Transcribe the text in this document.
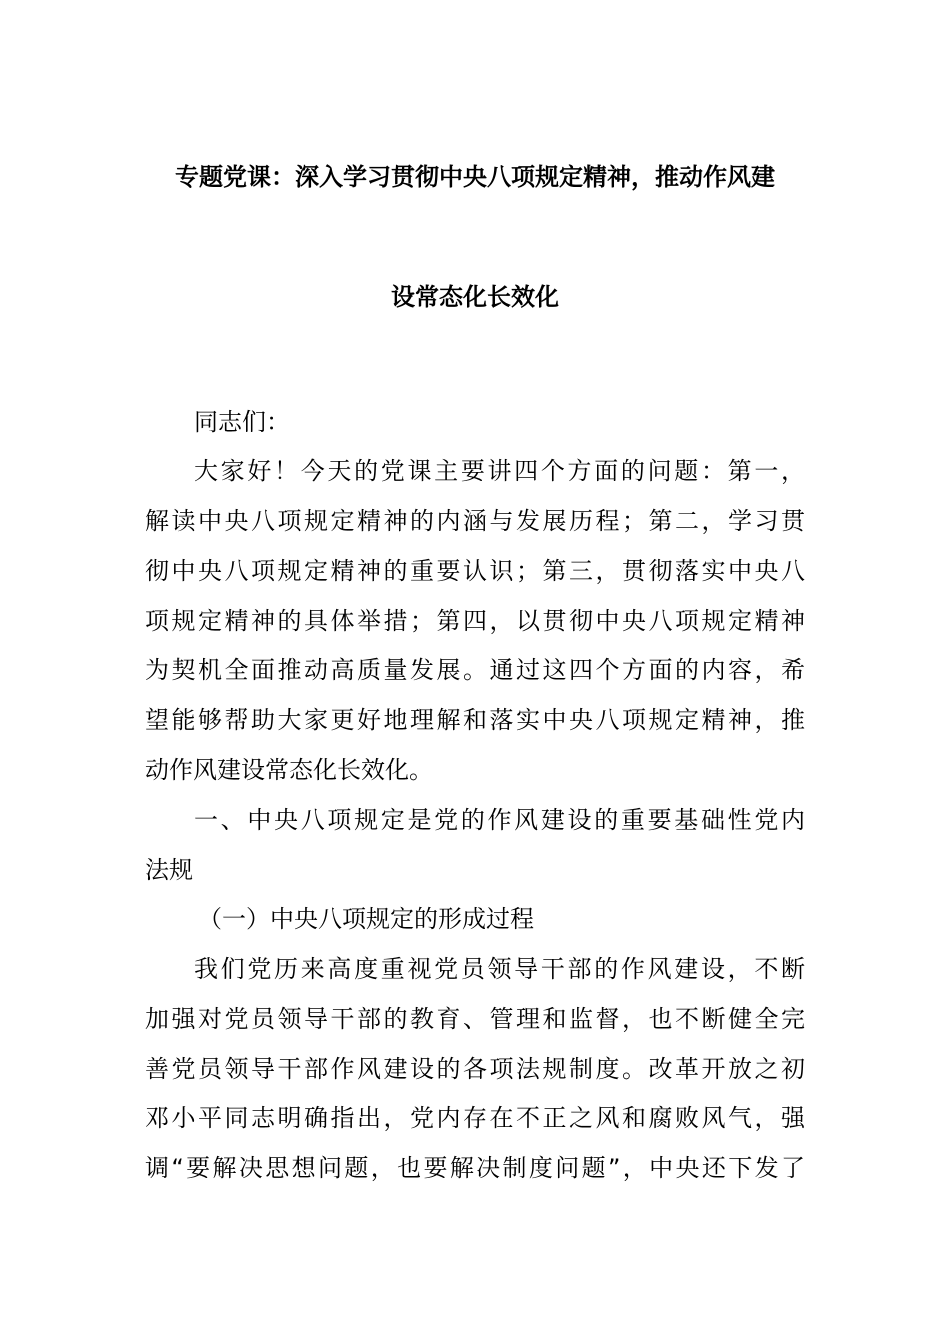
专题党课：深入学习贯彻中央八项规定精神，推动作风建
设常态化长效化

同志们：

大家好！今天的党课主要讲四个方面的问题：第一，

解读中央八项规定精神的内涵与发展历程；第二，学习贯

彻中央八项规定精神的重要认识；第三，贯彻落实中央八

项规定精神的具体举措；第四，以贯彻中央八项规定精神

为契机全面推动高质量发展。通过这四个方面的内容，希

望能够帮助大家更好地理解和落实中央八项规定精神，推

动作风建设常态化长效化。

一、中央八项规定是党的作风建设的重要基础性党内

法规

（一）中央八项规定的形成过程

我们党历来高度重视党员领导干部的作风建设，不断

加强对党员领导干部的教育、管理和监督，也不断健全完

善党员领导干部作风建设的各项法规制度。改革开放之初

邓小平同志明确指出，党内存在不正之风和腐败风气，强

调“要解决思想问题，也要解决制度问题”，中央还下发了
